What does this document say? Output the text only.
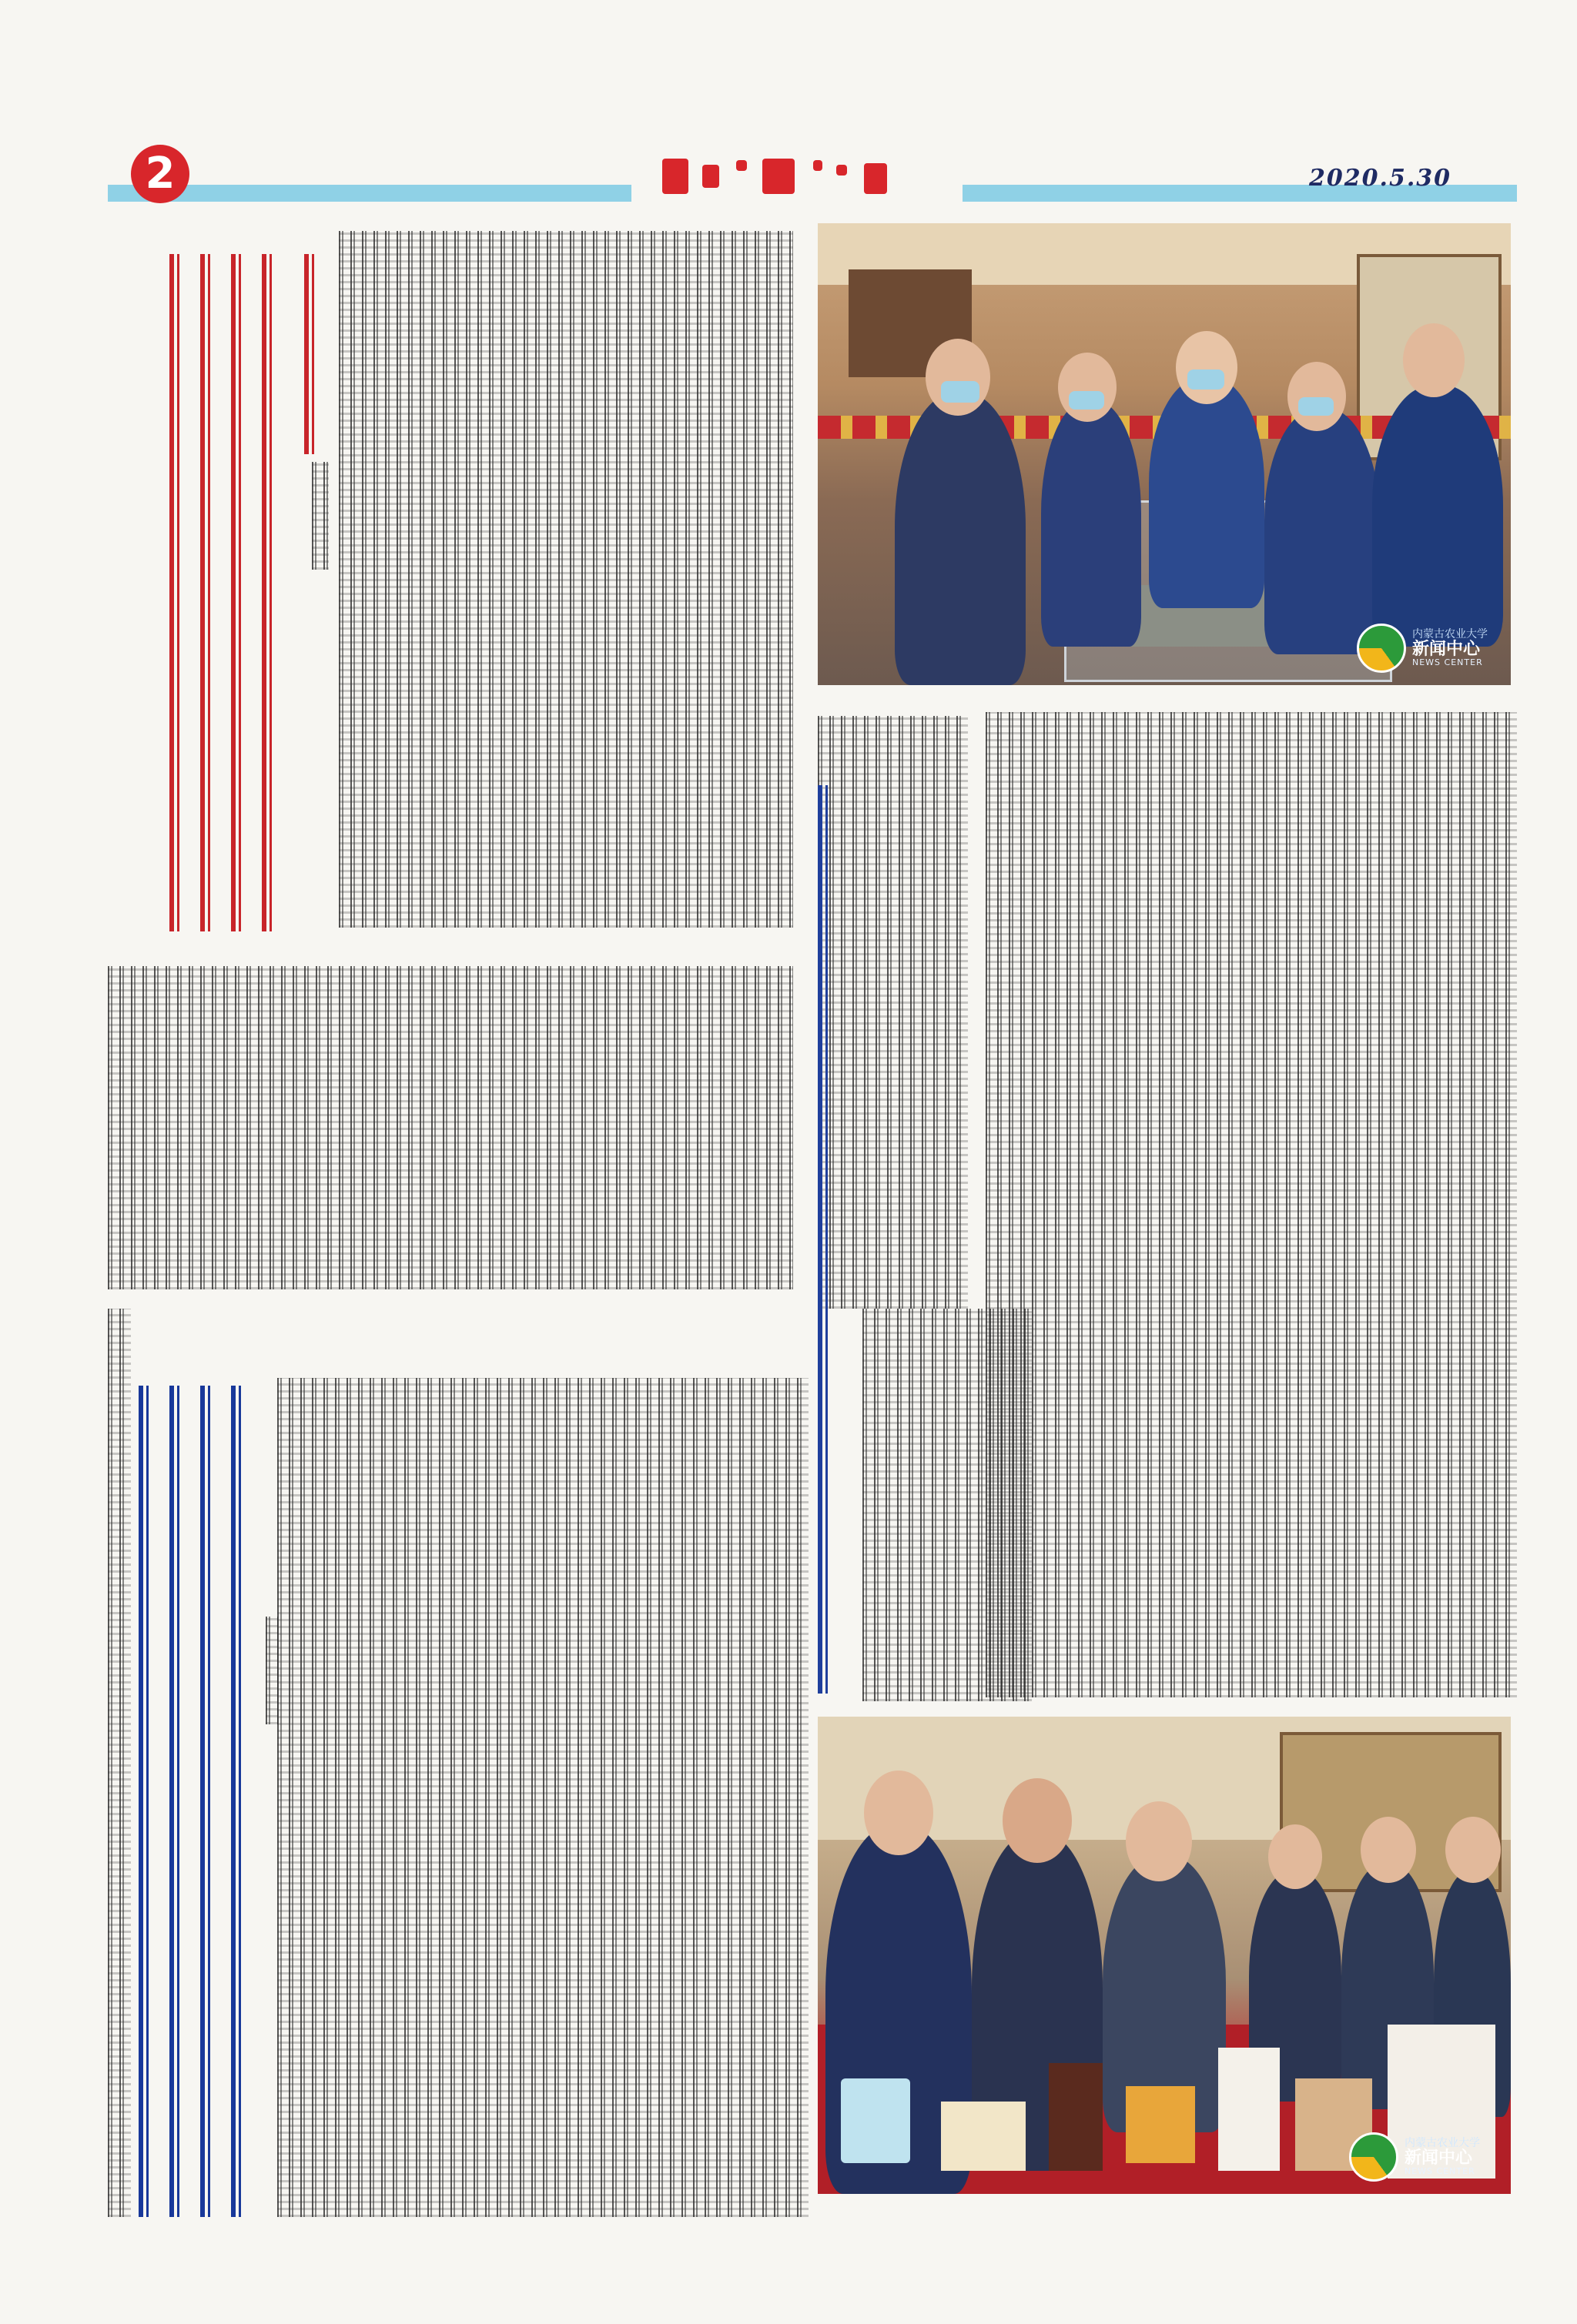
2	2020.5.30
内蒙古农业大学
新闻中心
NEWS CENTER
内蒙古农业大学
新闻中心
NEWS CENTER
